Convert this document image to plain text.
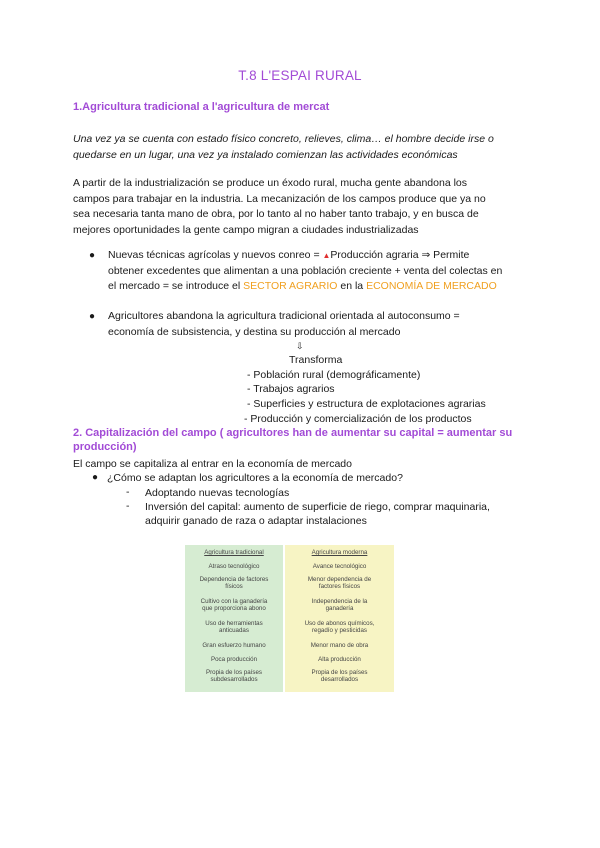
T.8 L'ESPAI RURAL
1.Agricultura tradicional a l'agricultura de mercat
Una vez ya se cuenta con estado físico concreto, relieves, clima… el hombre decide irse o
quedarse en un lugar, una vez ya instalado comienzan las actividades económicas
A partir de la industrialización se produce un éxodo rural, mucha gente abandona los
campos para trabajar en la industria. La mecanización de los campos produce que ya no
sea necesaria tanta mano de obra, por lo tanto al no haber tanto trabajo, y en busca de
mejores oportunidades la gente campo migran a ciudades industrializadas
● Nuevas técnicas agrícolas y nuevos conreo = ▲Producción agraria ⇒ Permite
obtener excedentes que alimentan a una población creciente + venta del colectas en
el mercado = se introduce el SECTOR AGRARIO en la ECONOMÍA DE MERCADO
● Agricultores abandona la agricultura tradicional orientada al autoconsumo =
economía de subsistencia, y destina su producción al mercado
⇩
Transforma
- Población rural (demográficamente)
- Trabajos agrarios
- Superficies y estructura de explotaciones agrarias
- Producción y comercialización de los productos
2. Capitalización del campo ( agricultores han de aumentar su capital = aumentar su
producción)
El campo se capitaliza al entrar en la economía de mercado
● ¿Cómo se adaptan los agricultores a la economía de mercado?
- Adoptando nuevas tecnologías
- Inversión del capital: aumento de superficie de riego, comprar maquinaria,
adquirir ganado de raza o adaptar instalaciones
Agricultura tradicional
Atraso tecnológico
Dependencia de factores
físicos
Cultivo con la ganadería
que proporciona abono
Uso de herramientas
anticuadas
Gran esfuerzo humano
Poca producción
Propia de los países
subdesarrollados
Agricultura moderna
Avance tecnológico
Menor dependencia de
factores físicos
Independencia de la
ganadería
Uso de abonos químicos,
regadío y pesticidas
Menor mano de obra
Alta producción
Propia de los países
desarrollados
